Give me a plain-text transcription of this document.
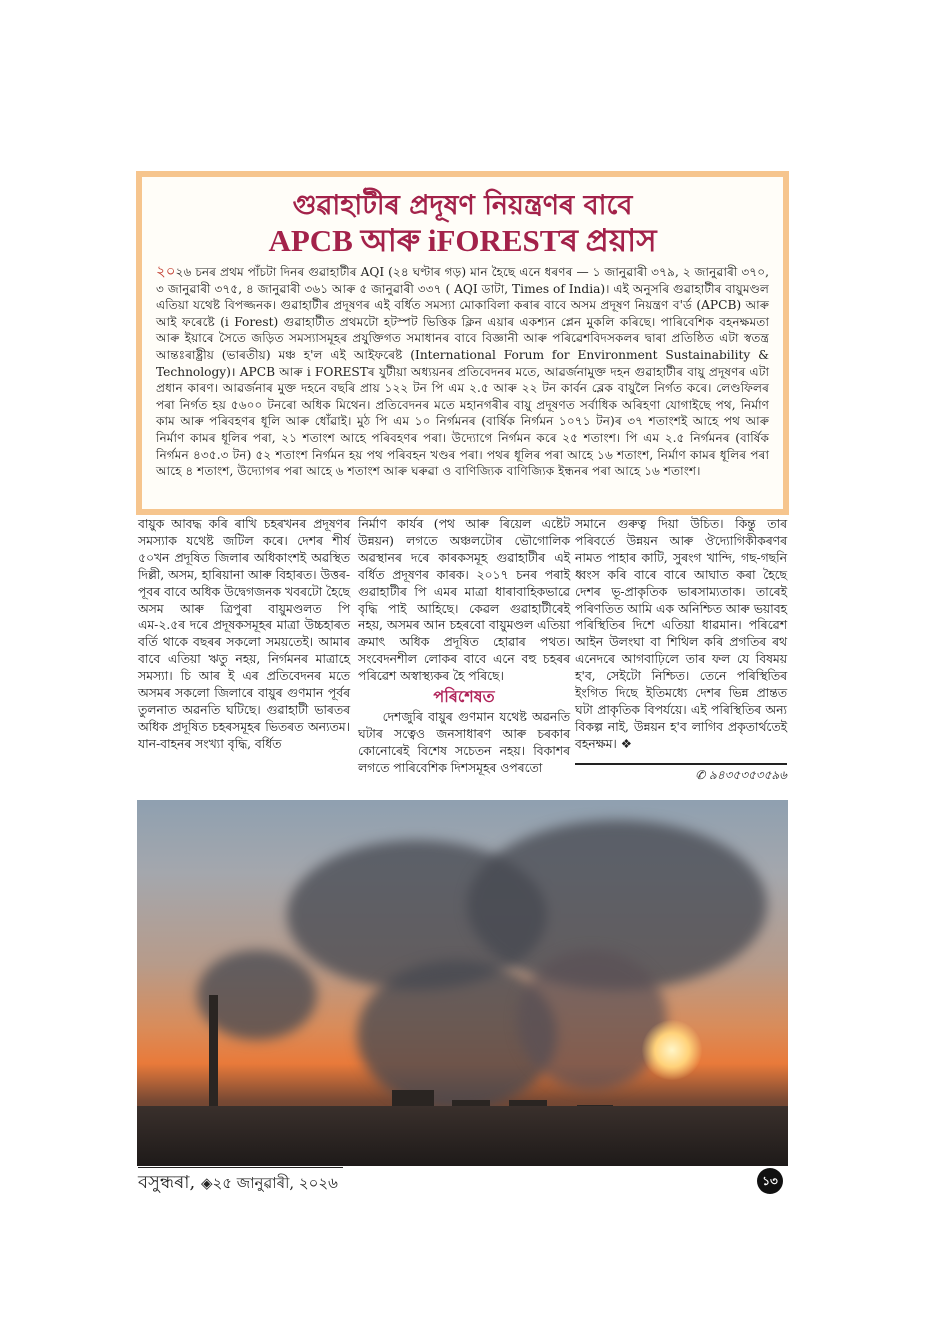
গুৱাহাটীৰ প্ৰদূষণ নিয়ন্ত্ৰণৰ বাবে
APCB আৰু iFORESTৰ প্ৰয়াস

২০২৬ চনৰ প্ৰথম পাঁচটা দিনৰ গুৱাহাটীৰ AQI (২৪ ঘণ্টাৰ গড়) মান হৈছে এনে ধৰণৰ — ১ জানুৱাৰী ৩৭৯, ২ জানুৱাৰী ৩৭০, ৩ জানুৱাৰী ৩৭৫, ৪ জানুৱাৰী ৩৬১ আৰু ৫ জানুৱাৰী ৩৩৭ ( AQI ডাটা, Times of India)। এই অনুসৰি গুৱাহাটীৰ বায়ুমণ্ডল এতিয়া যথেষ্ট বিপজ্জনক। গুৱাহাটীৰ প্ৰদূষণৰ এই বৰ্ধিত সমস্যা মোকাবিলা কৰাৰ বাবে অসম প্ৰদূষণ নিয়ন্ত্ৰণ ব'ৰ্ড (APCB) আৰু আই ফৰেষ্টে (i Forest) গুৱাহাটীত প্ৰথমটো হটস্পট ভিত্তিক ক্লিন এয়াৰ একশ্যন প্লেন মুকলি কৰিছে। পাৰিবেশিক বহনক্ষমতা আৰু ইয়াৰে সৈতে জড়িত সমস্যাসমূহৰ প্ৰযুক্তিগত সমাধানৰ বাবে বিজ্ঞানী আৰু পৰিৱেশবিদসকলৰ দ্বাৰা প্ৰতিষ্ঠিত এটা স্বতন্ত্ৰ আন্তঃৰাষ্ট্ৰীয় (ভাৰতীয়) মঞ্চ হ'ল এই আইফৰেষ্ট (International Forum for Environment Sustainability & Technology)। APCB আৰু i FORESTৰ যুটীয়া অধ্যয়নৰ প্ৰতিবেদনৰ মতে, আৱৰ্জনামুক্ত দহন গুৱাহাটীৰ বায়ু প্ৰদূষণৰ এটা প্ৰধান কাৰণ। আৱৰ্জনাৰ মুক্ত দহনে বছৰি প্ৰায় ১২২ টন পি এম ২.৫ আৰু ২২ টন কাৰ্বন ব্লেক বায়ুলৈ নিৰ্গত কৰে। লেণ্ডফিলৰ পৰা নিৰ্গত হয় ৫৬০০ টনৰো অধিক মিথেন। প্ৰতিবেদনৰ মতে মহানগৰীৰ বায়ু প্ৰদূষণত সৰ্বাধিক অৰিহণা যোগাইছে পথ, নিৰ্মাণ কাম আৰু পৰিবহণৰ ধূলি আৰু ধোঁৱাই। মুঠ পি এম ১০ নিৰ্গমনৰ (বাৰ্ষিক নিৰ্গমন ১০৭১ টন)ৰ ৩৭ শতাংশই আহে পথ আৰু নিৰ্মাণ কামৰ ধূলিৰ পৰা, ২১ শতাংশ আহে পৰিবহণৰ পৰা। উদ্যোগে নিৰ্গমন কৰে ২৫ শতাংশ। পি এম ২.৫ নিৰ্গমনৰ (বাৰ্ষিক নিৰ্গমন ৪৩৫.৩ টন) ৫২ শতাংশ নিৰ্গমন হয় পথ পৰিবহন খণ্ডৰ পৰা। পথৰ ধূলিৰ পৰা আহে ১৬ শতাংশ, নিৰ্মাণ কামৰ ধূলিৰ পৰা আহে ৪ শতাংশ, উদ্যোগৰ পৰা আহে ৬ শতাংশ আৰু ঘৰুৱা ও বাণিজ্যিক বাণিজ্যিক ইন্ধনৰ পৰা আহে ১৬ শতাংশ।

বায়ুক আবদ্ধ কৰি ৰাখি চহৰখনৰ প্ৰদূষণৰ সমস্যাক যথেষ্ট জটিল কৰে। দেশৰ শীৰ্ষ ৫০খন প্ৰদূষিত জিলাৰ অধিকাংশই অৱস্থিত দিল্লী, অসম, হাৰিয়ানা আৰু বিহাৰত। উত্তৰ-পূবৰ বাবে অধিক উদ্বেগজনক খবৰটো হৈছে অসম আৰু ত্ৰিপুৰা বায়ুমণ্ডলত পি এম-২.৫ৰ দৰে প্ৰদূষকসমূহৰ মাত্ৰা উচ্চহাৰত বৰ্তি থাকে বছৰৰ সকলো সময়তেই। আমাৰ বাবে এতিয়া ঋতু নহয়, নিৰ্গমনৰ মাত্ৰাহে সমস্যা। চি আৰ ই এৰ প্ৰতিবেদনৰ মতে অসমৰ সকলো জিলাৰে বায়ুৰ গুণমান পূৰ্বৰ তুলনাত অৱনতি ঘটিছে। গুৱাহাটী ভাৰতৰ অধিক প্ৰদূষিত চহৰসমূহৰ ভিতৰত অন্যতম। যান-বাহনৰ সংখ্যা বৃদ্ধি, বৰ্ধিত
নিৰ্মাণ কাৰ্যৰ (পথ আৰু ৰিয়েল এষ্টেট উন্নয়ন) লগতে অঞ্চলটোৰ ভৌগোলিক অৱস্থানৰ দৰে কাৰকসমূহ গুৱাহাটীৰ এই বৰ্ধিত প্ৰদূষণৰ কাৰক। ২০১৭ চনৰ পৰাই গুৱাহাটীৰ পি এমৰ মাত্ৰা ধাৰাবাহিকভাৱে বৃদ্ধি পাই আহিছে। কেৱল গুৱাহাটীৰেই নহয়, অসমৰ আন চহৰবো বায়ুমণ্ডল এতিয়া ক্ৰমাৎ অধিক প্ৰদূষিত হোৱাৰ পথত। সংবেদনশীল লোকৰ বাবে এনে বহু চহৰৰ পৰিৱেশ অস্বাস্থ্যকৰ হৈ পৰিছে।
পৰিশেষত
দেশজুৰি বায়ুৰ গুণমান যথেষ্ট অৱনতি ঘটাৰ সত্বেও জনসাধাৰণ আৰু চৰকাৰ কোনোৰেই বিশেষ সচেতন নহয়। বিকাশৰ লগতে পাৰিবেশিক দিশসমূহৰ ওপৰতো
সমানে গুৰুত্ব দিয়া উচিত। কিন্তু তাৰ পৰিবৰ্তে উন্নয়ন আৰু ঔদ্যোগিকীকৰণৰ নামত পাহাৰ কাটি, সুৰংগ খান্দি, গছ-গছনি ধ্বংস কৰি বাৰে বাৰে আঘাত কৰা হৈছে দেশৰ ভূ-প্ৰাকৃতিক ভাৰসাম্যতাক। তাৰেই পৰিণতিত আমি এক অনিশ্চিত আৰু ভয়াবহ পৰিস্থিতিৰ দিশে এতিয়া ধাৱমান। পৰিৱেশ আইন উলংঘা বা শিথিল কৰি প্ৰগতিৰ ৰথ এনেদৰে আগবাঢ়িলে তাৰ ফল যে বিষময় হ'ব, সেইটো নিশ্চিত। তেনে পৰিস্থিতিৰ ইংগিত দিছে ইতিমধ্যে দেশৰ ভিন্ন প্ৰান্তত ঘটা প্ৰাকৃতিক বিপৰ্যয়ে। এই পৰিস্থিতিৰ অন্য বিকল্প নাই, উন্নয়ন হ'ব লাগিব প্ৰকৃতাৰ্থতেই বহনক্ষম। ❖
✆ ৯৪৩৫৩৫৩৫৯৬
বসুন্ধৰা, ◈২৫ জানুৱাৰী, ২০২৬	১৩
